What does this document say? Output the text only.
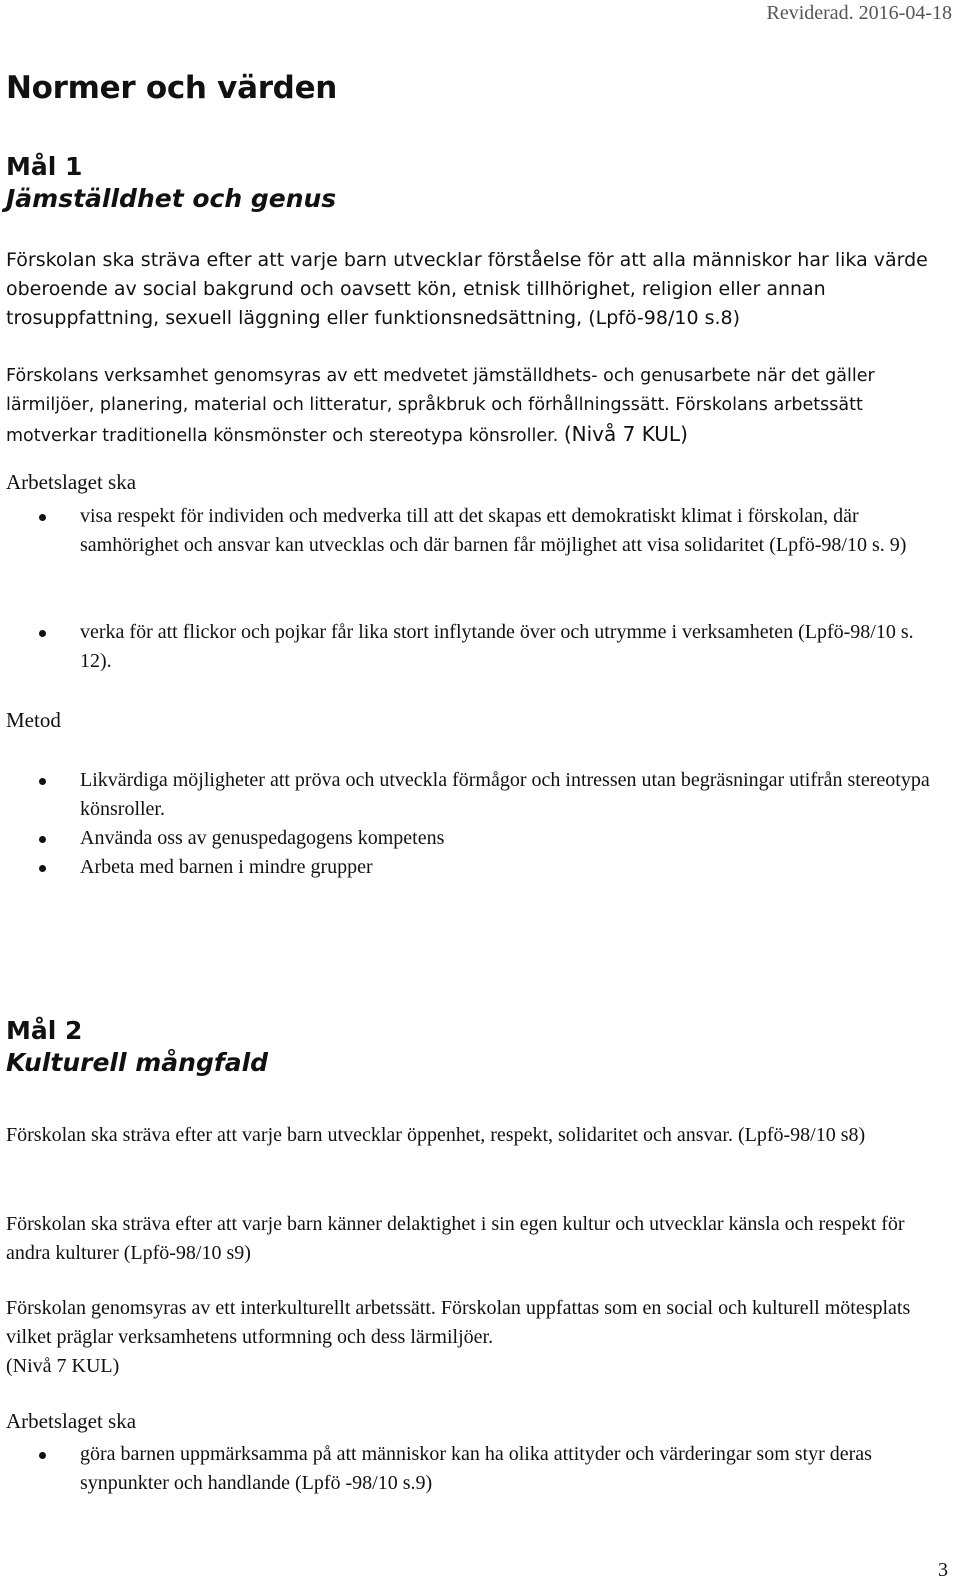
Reviderad. 2016-04-18
Normer och värden
Mål 1
Jämställdhet och genus

Förskolan ska sträva efter att varje barn utvecklar förståelse för att alla människor har lika värde oberoende av social bakgrund och oavsett kön, etnisk tillhörighet, religion eller annan trosuppfattning, sexuell läggning eller funktionsnedsättning, (Lpfö-98/10 s.8)

Förskolans verksamhet genomsyras av ett medvetet jämställdhets- och genusarbete när det gäller lärmiljöer, planering, material och litteratur, språkbruk och förhållningssätt. Förskolans arbetssätt motverkar traditionella könsmönster och stereotypa könsroller. (Nivå 7 KUL)

Arbetslaget ska
visa respekt för individen och medverka till att det skapas ett demokratiskt klimat i förskolan, där samhörighet och ansvar kan utvecklas och där barnen får möjlighet att visa solidaritet (Lpfö-98/10 s. 9)
verka för att flickor och pojkar får lika stort inflytande över och utrymme i verksamheten (Lpfö-98/10 s. 12).
Metod
Likvärdiga möjligheter att pröva och utveckla förmågor och intressen utan begräsningar utifrån stereotypa könsroller.
Använda oss av genuspedagogens kompetens
Arbeta med barnen i mindre grupper
Mål 2
Kulturell mångfald

Förskolan ska sträva efter att varje barn utvecklar öppenhet, respekt, solidaritet och ansvar. (Lpfö-98/10 s8)

Förskolan ska sträva efter att varje barn känner delaktighet i sin egen kultur och utvecklar känsla och respekt för andra kulturer (Lpfö-98/10 s9)

Förskolan genomsyras av ett interkulturellt arbetssätt. Förskolan uppfattas som en social och kulturell mötesplats vilket präglar verksamhetens utformning och dess lärmiljöer.

(Nivå 7 KUL)

Arbetslaget ska
göra barnen uppmärksamma på att människor kan ha olika attityder och värderingar som styr deras synpunkter och handlande (Lpfö -98/10 s.9)
3
